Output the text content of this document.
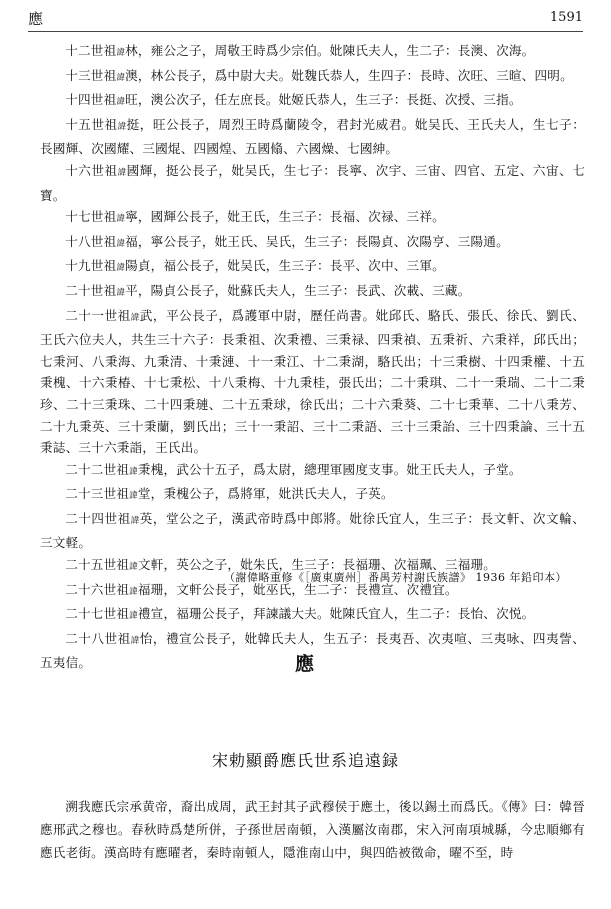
應	1591

十二世祖諱林，雍公之子，周敬王時爲少宗伯。妣陳氏夫人，生二子：長澳、次海。

十三世祖諱澳，林公長子，爲中尉大夫。妣魏氏恭人，生四子：長時、次旺、三暄、四明。

十四世祖諱旺，澳公次子，任左庶長。妣姬氏恭人，生三子：長挺、次授、三指。

十五世祖諱挺，旺公長子，周烈王時爲蘭陵令，君封光威君。妣吴氏、王氏夫人，生七子：長國輝、次國耀、三國焜、四國煌、五國翛、六國燥、七國紳。

十六世祖諱國輝，挺公長子，妣吴氏，生七子：長寧、次宇、三宙、四官、五定、六宙、七寶。

十七世祖諱寧，國輝公長子，妣王氏，生三子：長福、次禄、三祥。

十八世祖諱福，寧公長子，妣王氏、吴氏，生三子：長陽貞、次陽亨、三陽通。

十九世祖諱陽貞，福公長子，妣吴氏，生三子：長平、次中、三軍。

二十世祖諱平，陽貞公長子，妣蘇氏夫人，生三子：長武、次載、三藏。

二十一世祖諱武，平公長子，爲護軍中尉，歷任尚書。妣邱氏、駱氏、張氏、徐氏、劉氏、王氏六位夫人，共生三十六子：長秉祖、次秉禮、三秉禄、四秉禎、五秉祈、六秉祥，邱氏出；七秉河、八秉海、九秉清、十秉漣、十一秉江、十二秉湖，駱氏出；十三秉樹、十四秉權、十五秉槐、十六秉椿、十七秉松、十八秉梅、十九秉桂，張氏出；二十秉琪、二十一秉瑞、二十二秉珍、二十三秉珠、二十四秉璉、二十五秉球，徐氏出；二十六秉葵、二十七秉華、二十八秉芳、二十九秉英、三十秉蘭，劉氏出；三十一秉詔、三十二秉語、三十三秉詒、三十四秉論、三十五秉誌、三十六秉詣，王氏出。

二十二世祖諱秉槐，武公十五子，爲太尉，總理軍國度支事。妣王氏夫人，子堂。

二十三世祖諱堂，秉槐公子，爲將軍，妣洪氏夫人，子英。

二十四世祖諱英，堂公之子，漢武帝時爲中郎將。妣徐氏宜人，生三子：長文軒、次文輪、三文軽。

二十五世祖諱文軒，英公之子，妣朱氏，生三子：長福珊、次福珮、三福珊。

二十六世祖諱福珊，文軒公長子，妣巫氏，生二子：長禮宣、次禮宜。

二十七世祖諱禮宣，福珊公長子，拜諫議大夫。妣陳氏宜人，生二子：長怡、次悦。

二十八世祖諱怡，禮宣公長子，妣韓氏夫人，生五子：長夷吾、次夷喧、三夷咏、四夷訾、五夷信。

（謝偉略重修《［廣東廣州］番禺芳村謝氏族譜》 1936 年鉛印本）
應
宋勅顯爵應氏世系追遠録

溯我應氏宗承黄帝，裔出成周，武王封其子武穆侯于應土，後以錫土而爲氏。《傳》曰：韓晉應邢武之穆也。春秋時爲楚所併，子孫世居南頓，入漢屬汝南郡，宋入河南項城縣，今忠順鄉有應氏老街。漢高時有應曜者，秦時南頓人，隱淮南山中，與四皓被徵命，曜不至，時
